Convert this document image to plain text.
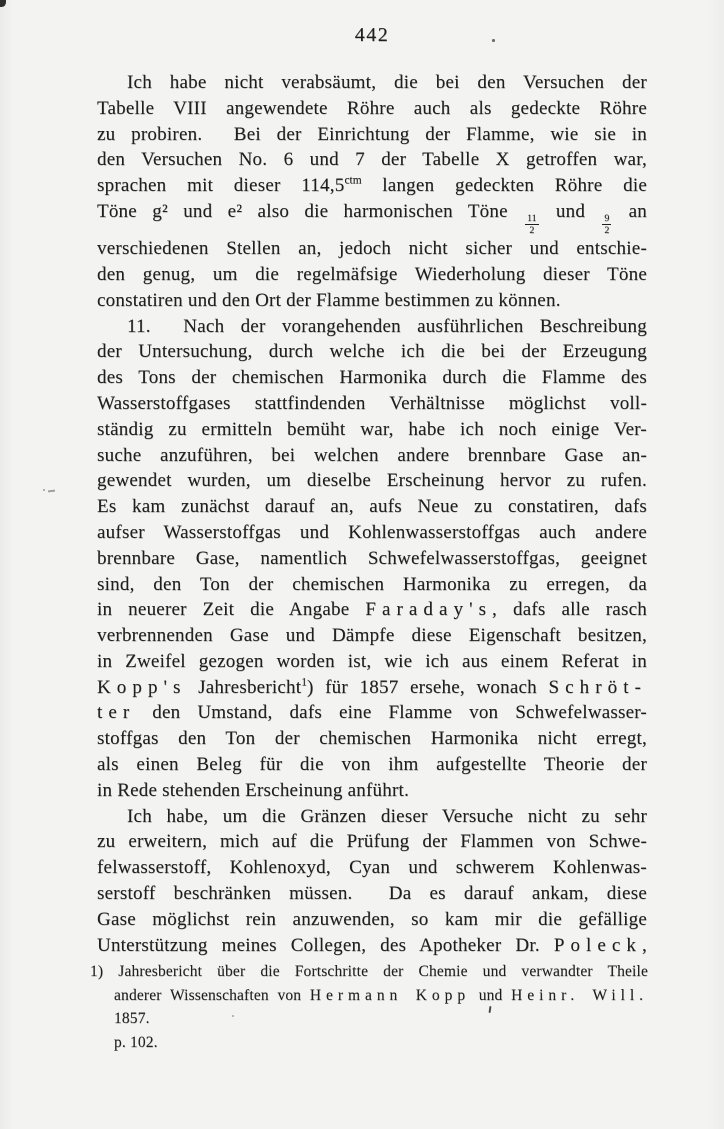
442
Ich habe nicht verabsäumt, die bei den Versuchen der
Tabelle VIII angewendete Röhre auch als gedeckte Röhre
zu probiren.  Bei der Einrichtung der Flamme, wie sie in
den Versuchen No. 6 und 7 der Tabelle X getroffen war,
sprachen mit dieser $114,5^{ctm}$ langen gedeckten Röhre die
Töne g² und e² also die harmonischen Töne
$\frac{11}{2}$
und
$\frac{9}{2}$
an
verschiedenen Stellen an, jedoch nicht sicher und entschie-
den genug, um die regelmäfsige Wiederholung dieser Töne
constatiren und den Ort der Flamme bestimmen zu können.
11.  Nach der vorangehenden ausführlichen Beschreibung
der Untersuchung, durch welche ich die bei der Erzeugung
des Tons der chemischen Harmonika durch die Flamme des
Wasserstoffgases stattfindenden Verhältnisse möglichst voll-
ständig zu ermitteln bemüht war, habe ich noch einige Ver-
suche anzuführen, bei welchen andere brennbare Gase an-
gewendet wurden, um dieselbe Erscheinung hervor zu rufen.
Es kam zunächst darauf an, aufs Neue zu constatiren, dafs
aufser Wasserstoffgas und Kohlenwasserstoffgas auch andere
brennbare Gase, namentlich Schwefelwasserstoffgas, geeignet
sind, den Ton der chemischen Harmonika zu erregen, da
in neuerer Zeit die Angabe Faraday's, dafs alle rasch
verbrennenden Gase und Dämpfe diese Eigenschaft besitzen,
in Zweifel gezogen worden ist, wie ich aus einem Referat in
Kopp's Jahresbericht$^1$) für 1857 ersehe, wonach Schröt-
ter den Umstand, dafs eine Flamme von Schwefelwasser-
stoffgas den Ton der chemischen Harmonika nicht erregt,
als einen Beleg für die von ihm aufgestellte Theorie der
in Rede stehenden Erscheinung anführt.
Ich habe, um die Gränzen dieser Versuche nicht zu sehr
zu erweitern, mich auf die Prüfung der Flammen von Schwe-
felwasserstoff, Kohlenoxyd, Cyan und schwerem Kohlenwas-
serstoff beschränken müssen.  Da es darauf ankam, diese
Gase möglichst rein anzuwenden, so kam mir die gefällige
Unterstützung meines Collegen, des Apotheker Dr. Poleck,
1) Jahresbericht über die Fortschritte der Chemie und verwandter Theile
anderer Wissenschaften von Hermann Kopp und Heinr. Will. 1857.
p. 102.
